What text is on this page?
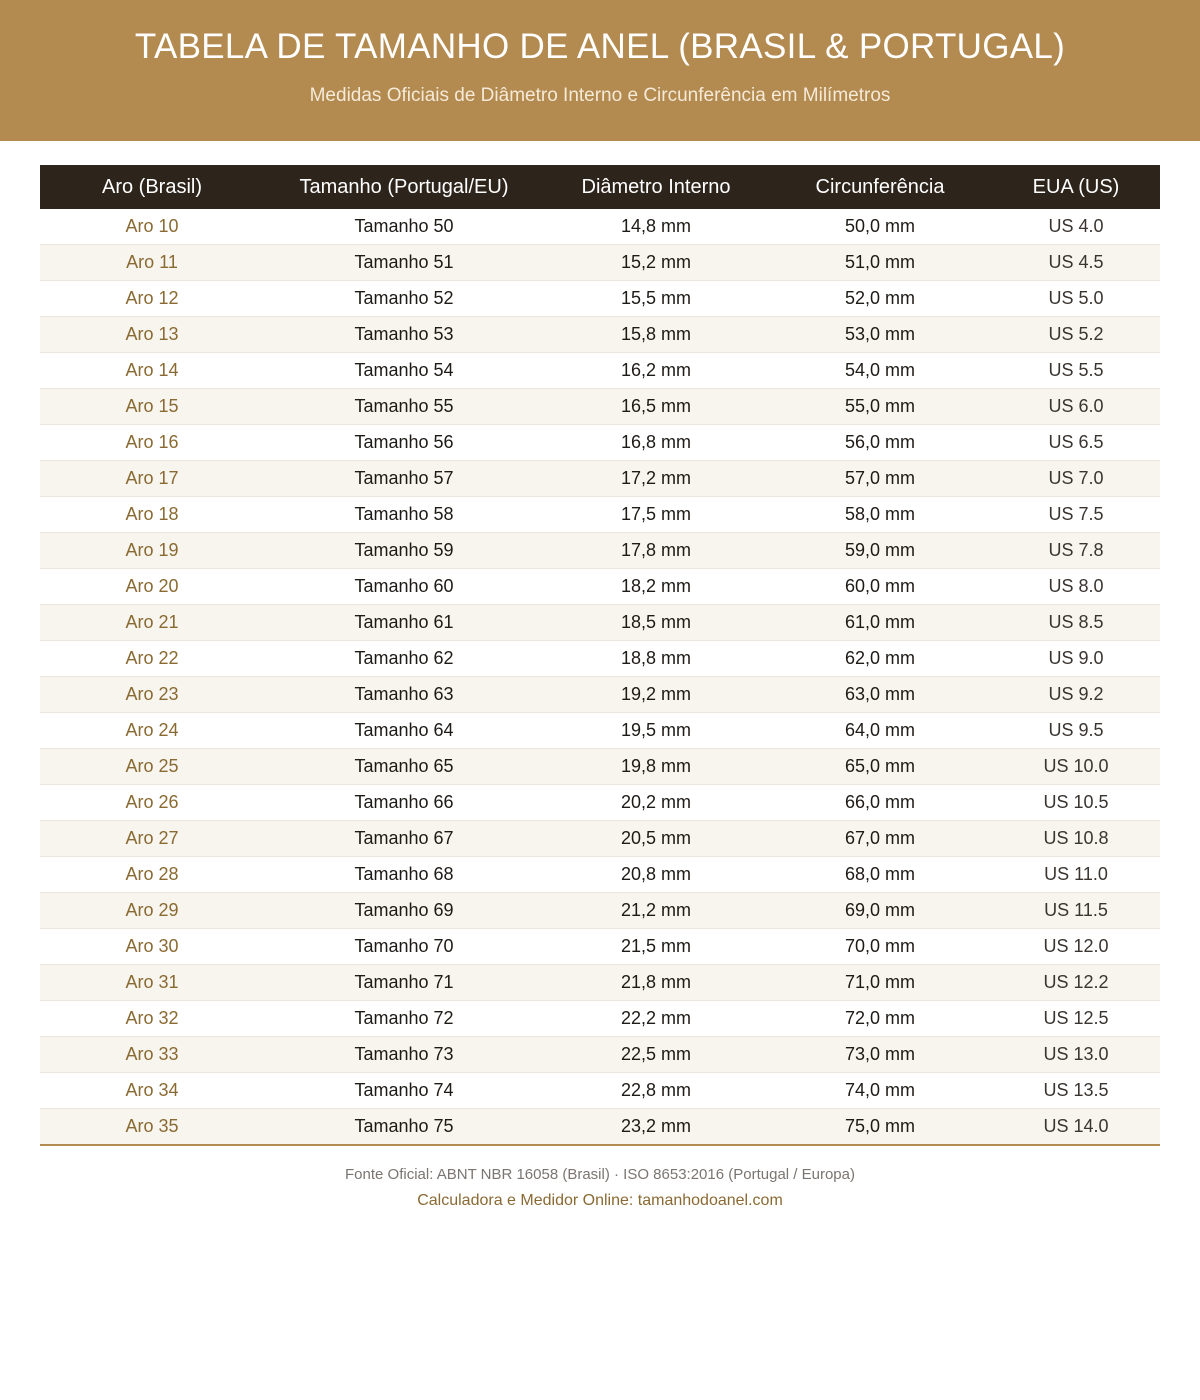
TABELA DE TAMANHO DE ANEL (BRASIL & PORTUGAL)
Medidas Oficiais de Diâmetro Interno e Circunferência em Milímetros
Aro (Brasil)	Tamanho (Portugal/EU)	Diâmetro Interno	Circunferência	EUA (US)
Aro 10	Tamanho 50	14,8 mm	50,0 mm	US 4.0
Aro 11	Tamanho 51	15,2 mm	51,0 mm	US 4.5
Aro 12	Tamanho 52	15,5 mm	52,0 mm	US 5.0
Aro 13	Tamanho 53	15,8 mm	53,0 mm	US 5.2
Aro 14	Tamanho 54	16,2 mm	54,0 mm	US 5.5
Aro 15	Tamanho 55	16,5 mm	55,0 mm	US 6.0
Aro 16	Tamanho 56	16,8 mm	56,0 mm	US 6.5
Aro 17	Tamanho 57	17,2 mm	57,0 mm	US 7.0
Aro 18	Tamanho 58	17,5 mm	58,0 mm	US 7.5
Aro 19	Tamanho 59	17,8 mm	59,0 mm	US 7.8
Aro 20	Tamanho 60	18,2 mm	60,0 mm	US 8.0
Aro 21	Tamanho 61	18,5 mm	61,0 mm	US 8.5
Aro 22	Tamanho 62	18,8 mm	62,0 mm	US 9.0
Aro 23	Tamanho 63	19,2 mm	63,0 mm	US 9.2
Aro 24	Tamanho 64	19,5 mm	64,0 mm	US 9.5
Aro 25	Tamanho 65	19,8 mm	65,0 mm	US 10.0
Aro 26	Tamanho 66	20,2 mm	66,0 mm	US 10.5
Aro 27	Tamanho 67	20,5 mm	67,0 mm	US 10.8
Aro 28	Tamanho 68	20,8 mm	68,0 mm	US 11.0
Aro 29	Tamanho 69	21,2 mm	69,0 mm	US 11.5
Aro 30	Tamanho 70	21,5 mm	70,0 mm	US 12.0
Aro 31	Tamanho 71	21,8 mm	71,0 mm	US 12.2
Aro 32	Tamanho 72	22,2 mm	72,0 mm	US 12.5
Aro 33	Tamanho 73	22,5 mm	73,0 mm	US 13.0
Aro 34	Tamanho 74	22,8 mm	74,0 mm	US 13.5
Aro 35	Tamanho 75	23,2 mm	75,0 mm	US 14.0
Fonte Oficial: ABNT NBR 16058 (Brasil) · ISO 8653:2016 (Portugal / Europa)
Calculadora e Medidor Online: tamanhodoanel.com
